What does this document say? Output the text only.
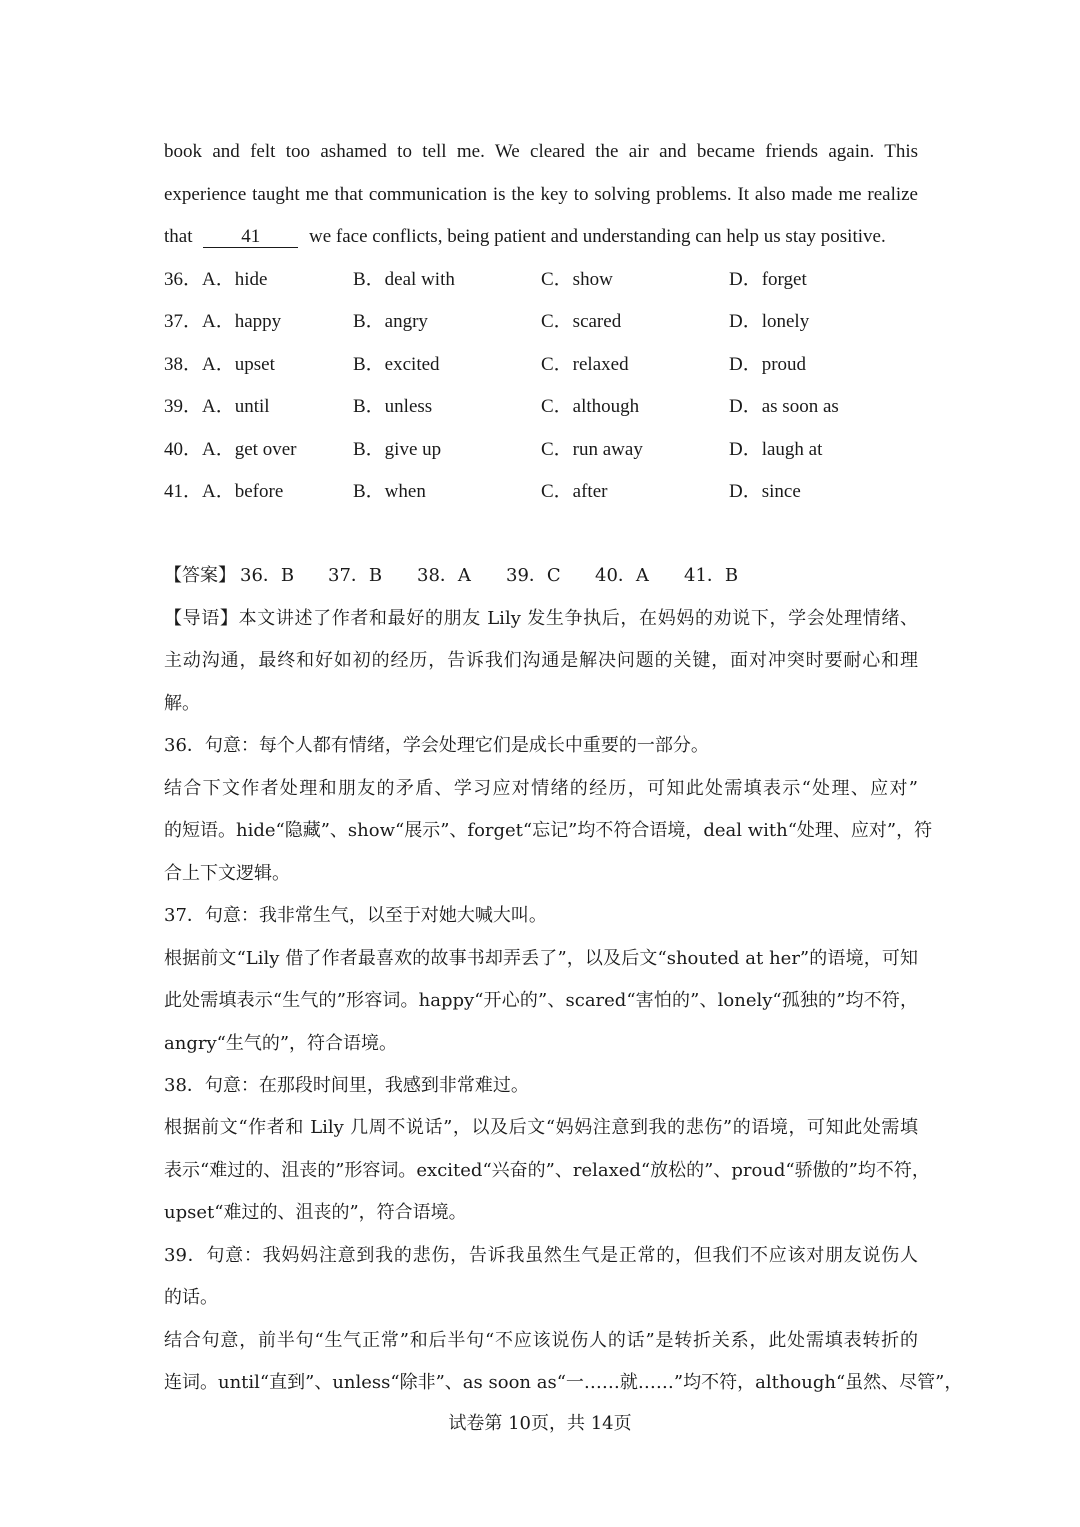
book and felt too ashamed to tell me. We cleared the air and became friends again. This
experience taught me that communication is the key to solving problems. It also made me realize
that	41	we face conflicts, being patient and understanding can help us stay positive.
36．A．hide	B．deal with	C．show	D．forget
37．A．happy	B．angry	C．scared	D．lonely
38．A．upset	B．excited	C．relaxed	D．proud
39．A．until	B．unless	C．although	D．as soon as
40．A．get over	B．give up	C．run away	D．laugh at
41．A．before	B．when	C．after	D．since
【答案】 36．B 37．B 38．A 39．C 40．A 41．B
【导语】本文讲述了作者和最好的朋友 Lily 发生争执后，在妈妈的劝说下，学会处理情绪、
主动沟通，最终和好如初的经历，告诉我们沟通是解决问题的关键，面对冲突时要耐心和理
解。
36．句意：每个人都有情绪，学会处理它们是成长中重要的一部分。
结合下文作者处理和朋友的矛盾、学习应对情绪的经历，可知此处需填表示“处理、应对”
的短语。hide“隐藏”、show“展示”、forget“忘记”均不符合语境，deal with“处理、应对”，符
合上下文逻辑。
37．句意：我非常生气，以至于对她大喊大叫。
根据前文“Lily 借了作者最喜欢的故事书却弄丢了”，以及后文“shouted at her”的语境，可知
此处需填表示“生气的”形容词。happy“开心的”、scared“害怕的”、lonely“孤独的”均不符，
angry“生气的”，符合语境。
38．句意：在那段时间里，我感到非常难过。
根据前文“作者和 Lily 几周不说话”，以及后文“妈妈注意到我的悲伤”的语境，可知此处需填
表示“难过的、沮丧的”形容词。excited“兴奋的”、relaxed“放松的”、proud“骄傲的”均不符，
upset“难过的、沮丧的”，符合语境。
39．句意：我妈妈注意到我的悲伤，告诉我虽然生气是正常的，但我们不应该对朋友说伤人
的话。
结合句意，前半句“生气正常”和后半句“不应该说伤人的话”是转折关系，此处需填表转折的
连词。until“直到”、unless“除非”、as soon as“一……就……”均不符，although“虽然、尽管”，
试卷第 10页，共 14页
